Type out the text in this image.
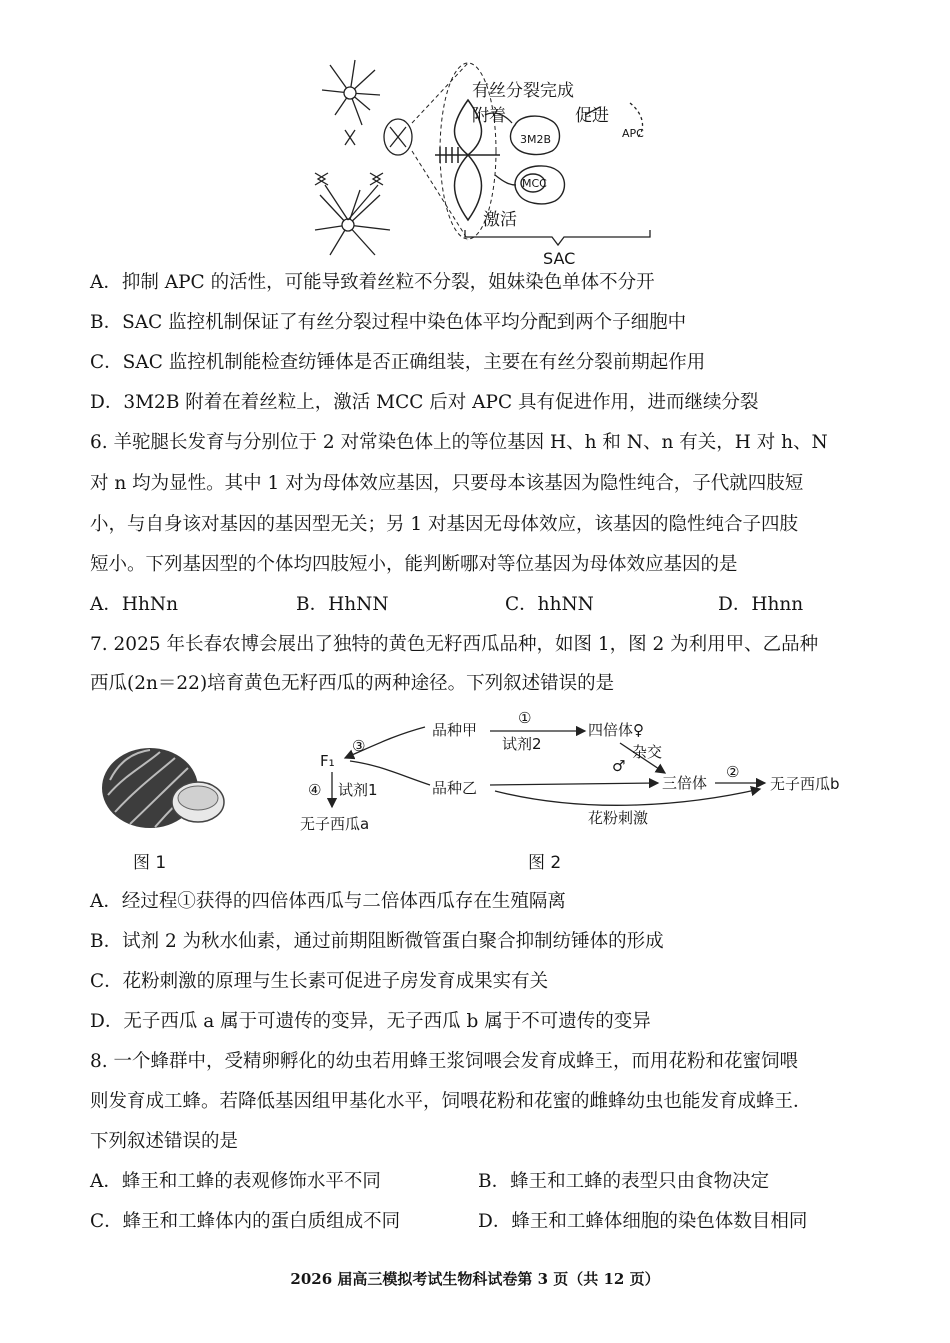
有丝分裂完成
附着	促进
APC
3M2B
MCC
激活
SAC
A．抑制 APC 的活性，可能导致着丝粒不分裂，姐妹染色单体不分开
B．SAC 监控机制保证了有丝分裂过程中染色体平均分配到两个子细胞中
C．SAC 监控机制能检查纺锤体是否正确组装，主要在有丝分裂前期起作用
D．3M2B 附着在着丝粒上，激活 MCC 后对 APC 具有促进作用，进而继续分裂
6. 羊驼腿长发育与分别位于 2 对常染色体上的等位基因 H、h 和 N、n 有关，H 对 h、N
对 n 均为显性。其中 1 对为母体效应基因，只要母本该基因为隐性纯合，子代就四肢短
小，与自身该对基因的基因型无关；另 1 对基因无母体效应，该基因的隐性纯合子四肢
短小。下列基因型的个体均四肢短小，能判断哪对等位基因为母体效应基因的是
A．HhNn	B．HhNN	C．hhNN	D．Hhnn
7. 2025 年长春农博会展出了独特的黄色无籽西瓜品种，如图 1，图 2 为利用甲、乙品种
西瓜(2n＝22)培育黄色无籽西瓜的两种途径。下列叙述错误的是
品种甲
品种乙
F₁
③
④ 试剂1
无子西瓜a
①
试剂2
四倍体♀
杂交
♂
三倍体
②
无子西瓜b
花粉刺激
图 1	图 2
A．经过程①获得的四倍体西瓜与二倍体西瓜存在生殖隔离
B．试剂 2 为秋水仙素，通过前期阻断微管蛋白聚合抑制纺锤体的形成
C．花粉刺激的原理与生长素可促进子房发育成果实有关
D．无子西瓜 a 属于可遗传的变异，无子西瓜 b 属于不可遗传的变异
8. 一个蜂群中，受精卵孵化的幼虫若用蜂王浆饲喂会发育成蜂王，而用花粉和花蜜饲喂
则发育成工蜂。若降低基因组甲基化水平，饲喂花粉和花蜜的雌蜂幼虫也能发育成蜂王．
下列叙述错误的是
A．蜂王和工蜂的表观修饰水平不同	B．蜂王和工蜂的表型只由食物决定
C．蜂王和工蜂体内的蛋白质组成不同	D．蜂王和工蜂体细胞的染色体数目相同
2026 届高三模拟考试生物科试卷第 3 页（共 12 页）
